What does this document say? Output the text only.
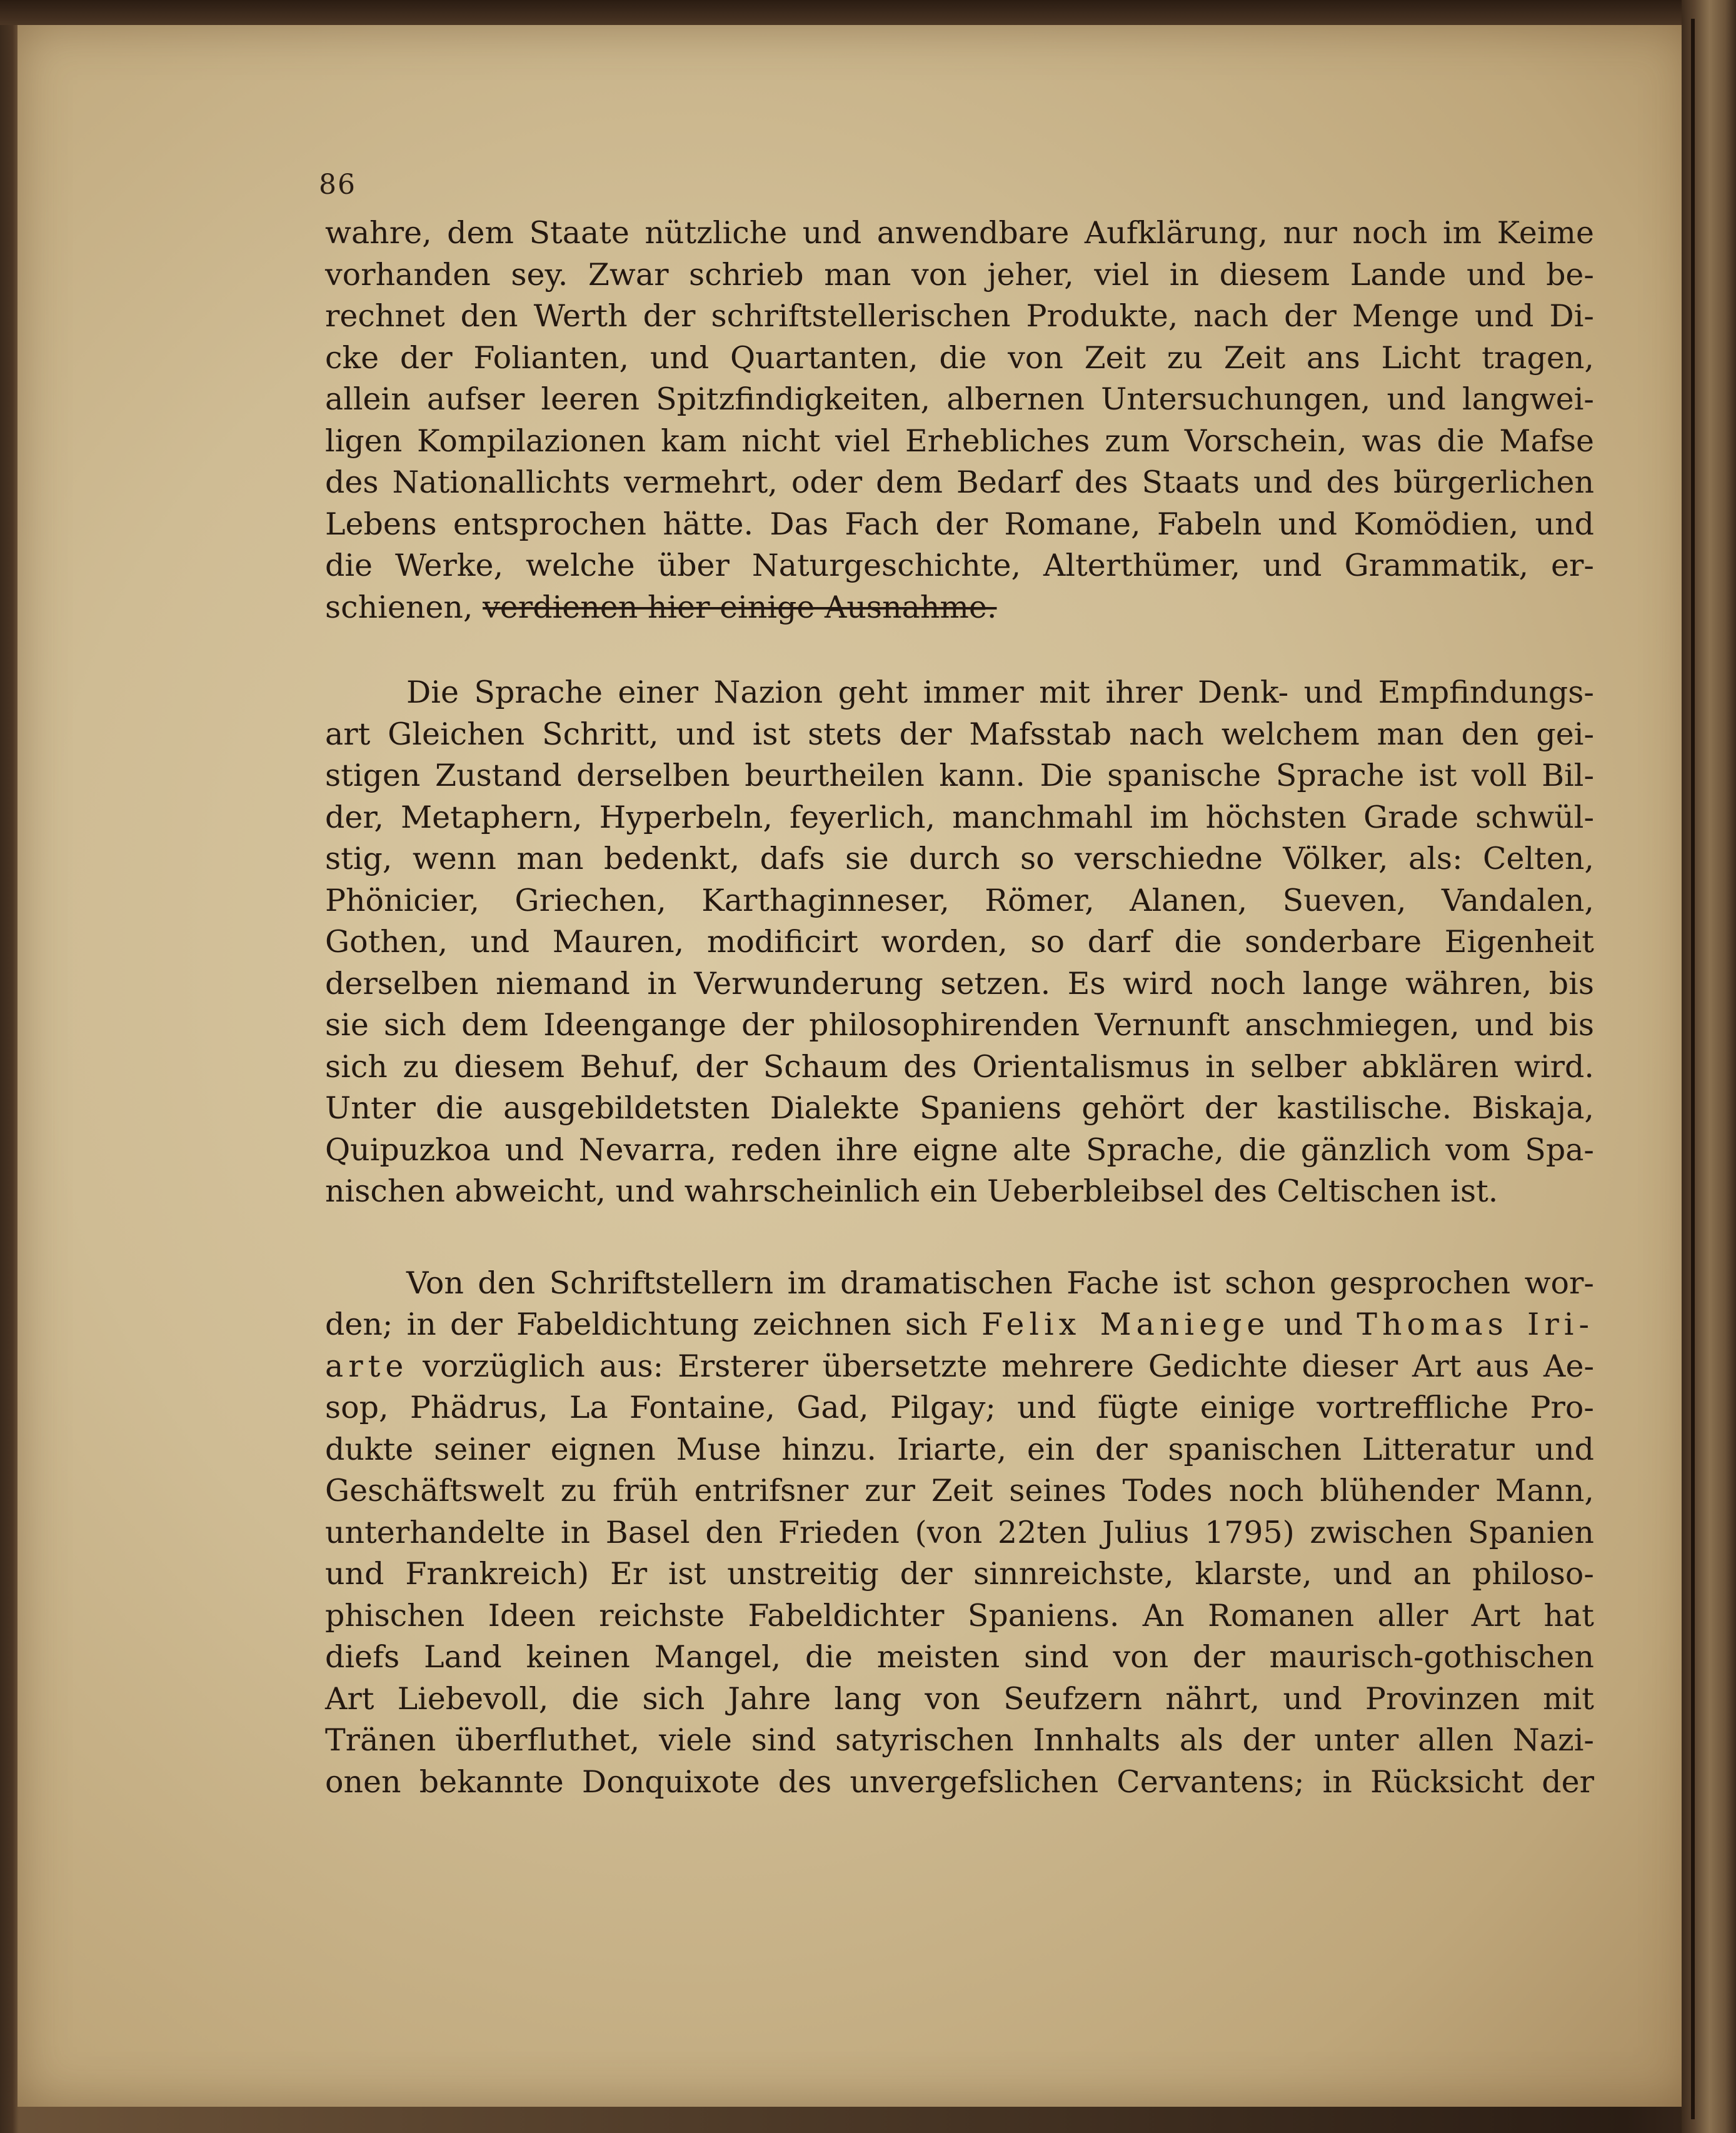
86

wahre, dem Staate nützliche und anwendbare Aufklärung, nur noch im Keime
vorhanden sey. Zwar schrieb man von jeher, viel in diesem Lande und be-
rechnet den Werth der schriftstellerischen Produkte, nach der Menge und Di-
cke der Folianten, und Quartanten, die von Zeit zu Zeit ans Licht tragen,
allein aufser leeren Spitzfindigkeiten, albernen Untersuchungen, und langwei-
ligen Kompilazionen kam nicht viel Erhebliches zum Vorschein, was die Mafse
des Nationallichts vermehrt, oder dem Bedarf des Staats und des bürgerlichen
Lebens entsprochen hätte. Das Fach der Romane, Fabeln und Komödien, und
die Werke, welche über Naturgeschichte, Alterthümer, und Grammatik, er-
schienen, verdienen hier einige Ausnahme.

Die Sprache einer Nazion geht immer mit ihrer Denk- und Empfindungs-
art Gleichen Schritt, und ist stets der Mafsstab nach welchem man den gei-
stigen Zustand derselben beurtheilen kann. Die spanische Sprache ist voll Bil-
der, Metaphern, Hyperbeln, feyerlich, manchmahl im höchsten Grade schwül-
stig, wenn man bedenkt, dafs sie durch so verschiedne Völker, als: Celten,
Phönicier, Griechen, Karthaginneser, Römer, Alanen, Sueven, Vandalen,
Gothen, und Mauren, modificirt worden, so darf die sonderbare Eigenheit
derselben niemand in Verwunderung setzen. Es wird noch lange währen, bis
sie sich dem Ideengange der philosophirenden Vernunft anschmiegen, und bis
sich zu diesem Behuf, der Schaum des Orientalismus in selber abklären wird.
Unter die ausgebildetsten Dialekte Spaniens gehört der kastilische. Biskaja,
Quipuzkoa und Nevarra, reden ihre eigne alte Sprache, die gänzlich vom Spa-
nischen abweicht, und wahrscheinlich ein Ueberbleibsel des Celtischen ist.

Von den Schriftstellern im dramatischen Fache ist schon gesprochen wor-
den; in der Fabeldichtung zeichnen sich Felix Maniege und Thomas Iri-
arte vorzüglich aus: Ersterer übersetzte mehrere Gedichte dieser Art aus Ae-
sop, Phädrus, La Fontaine, Gad, Pilgay; und fügte einige vortreffliche Pro-
dukte seiner eignen Muse hinzu. Iriarte, ein der spanischen Litteratur und
Geschäftswelt zu früh entrifsner zur Zeit seines Todes noch blühender Mann,
unterhandelte in Basel den Frieden (von 22ten Julius 1795) zwischen Spanien
und Frankreich) Er ist unstreitig der sinnreichste, klarste, und an philoso-
phischen Ideen reichste Fabeldichter Spaniens. An Romanen aller Art hat
diefs Land keinen Mangel, die meisten sind von der maurisch-gothischen
Art Liebevoll, die sich Jahre lang von Seufzern nährt, und Provinzen mit
Tränen überfluthet, viele sind satyrischen Innhalts als der unter allen Nazi-
onen bekannte Donquixote des unvergefslichen Cervantens; in Rücksicht der
